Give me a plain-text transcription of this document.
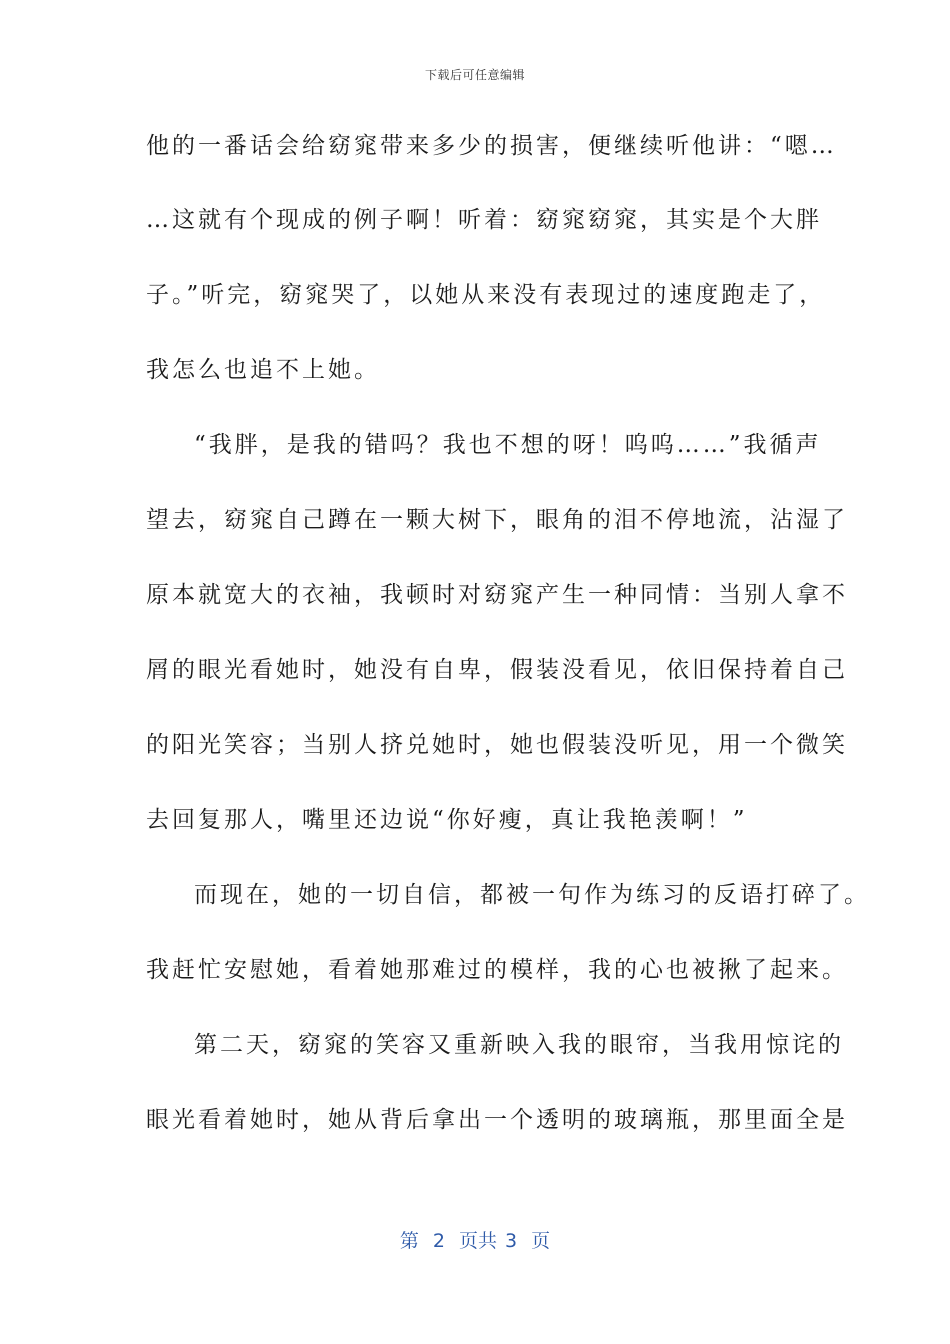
下载后可任意编辑
他的一番话会给窈窕带来多少的损害，便继续听他讲：“嗯…
…这就有个现成的例子啊！听着：窈窕窈窕，其实是个大胖
子。”听完，窈窕哭了，以她从来没有表现过的速度跑走了，
我怎么也追不上她。
“我胖，是我的错吗？我也不想的呀！呜呜……”我循声
望去，窈窕自己蹲在一颗大树下，眼角的泪不停地流，沾湿了
原本就宽大的衣袖，我顿时对窈窕产生一种同情：当别人拿不
屑的眼光看她时，她没有自卑，假装没看见，依旧保持着自己
的阳光笑容；当别人挤兑她时，她也假装没听见，用一个微笑
去回复那人，嘴里还边说“你好瘦，真让我艳羡啊！”
而现在，她的一切自信，都被一句作为练习的反语打碎了。
我赶忙安慰她，看着她那难过的模样，我的心也被揪了起来。
第二天，窈窕的笑容又重新映入我的眼帘，当我用惊诧的
眼光看着她时，她从背后拿出一个透明的玻璃瓶，那里面全是
第 2 页共 3 页
